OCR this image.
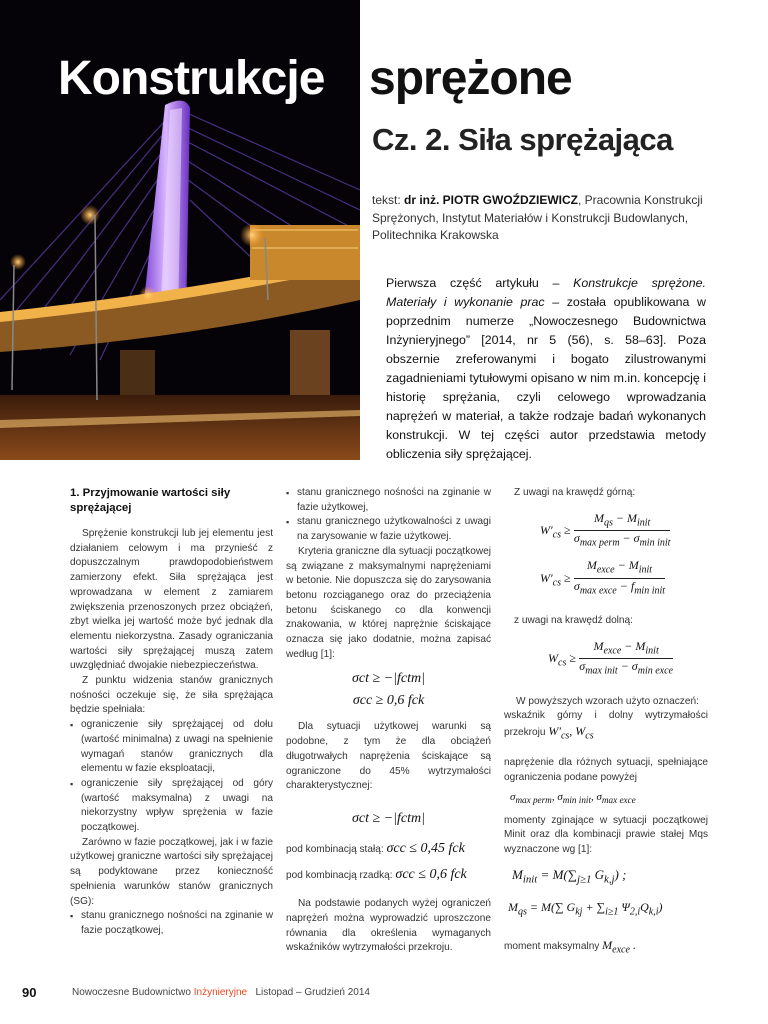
Konstrukcje sprężone
Cz. 2. Siła sprężająca
tekst: dr inż. PIOTR GWOŹDZIEWICZ, Pracownia Konstrukcji Sprężonych, Instytut Materiałów i Konstrukcji Budowlanych, Politechnika Krakowska
Pierwsza część artykułu – Konstrukcje sprężone. Materiały i wykonanie prac – została opublikowana w poprzednim numerze „Nowoczesnego Budownictwa Inżynieryjnego” [2014, nr 5 (56), s. 58–63]. Poza obszernie zreferowanymi i bogato zilustrowanymi zagadnieniami tytułowymi opisano w nim m.in. koncepcję i historię sprężania, czyli celowego wprowadzania naprężeń w materiał, a także rodzaje badań wykonanych konstrukcji. W tej części autor przedstawia metody obliczenia siły sprężającej.
1. Przyjmowanie wartości siły sprężającej

Sprężenie konstrukcji lub jej elementu jest działaniem celowym i ma przynieść z dopuszczalnym prawdopodobieństwem zamierzony efekt. Siła sprężająca jest wprowadzana w element z zamiarem zwiększenia przenoszonych przez obciążeń, zbyt wielka jej wartość może być jednak dla elementu niekorzystna. Zasady ograniczania wartości siły sprężającej muszą zatem uwzględniać dwojakie niebezpieczeństwa.

Z punktu widzenia stanów granicznych nośności oczekuje się, że siła sprężająca będzie spełniała:

▪ ograniczenie siły sprężającej od dołu (wartość minimalna) z uwagi na spełnienie wymagań stanów granicznych dla elementu w fazie eksploatacji,
▪ ograniczenie siły sprężającej od góry (wartość maksymalna) z uwagi na niekorzystny wpływ sprężenia w fazie początkowej.

Zarówno w fazie początkowej, jak i w fazie użytkowej graniczne wartości siły sprężającej są podyktowane przez konieczność spełnienia warunków stanów granicznych (SG):

▪ stanu granicznego nośności na zginanie w fazie początkowej,
▪ stanu granicznego nośności na zginanie w fazie użytkowej,
▪ stanu granicznego użytkowalności z uwagi na zarysowanie w fazie użytkowej.

Kryteria graniczne dla sytuacji początkowej są związane z maksymalnymi naprężeniami w betonie. Nie dopuszcza się do zarysowania betonu rozciąganego oraz do przeciążenia betonu ściskanego co dla konwencji znakowania, w której naprężnie ściskające oznacza się jako dodatnie, można zapisać według [1]:

σct ≥ −|fctm|
σcc ≥ 0,6 fck

Dla sytuacji użytkowej warunki są podobne, z tym że dla obciążeń długotrwałych naprężenia ściskające są ograniczone do 45% wytrzymałości charakterystycznej:

σct ≥ −|fctm|
pod kombinacją stałą: σcc ≤ 0,45 fck
pod kombinacją rzadką: σcc ≤ 0,6 fck

Na podstawie podanych wyżej ograniczeń naprężeń można wyprowadzić uproszczone równania dla określenia wymaganych wskaźników wytrzymałości przekroju.

Z uwagi na krawędź górną:

$W'_{cs}$ ≥
$M_{qs} - M_{init}$
$\sigma_{max perm} - \sigma_{min init}$
$W'_{cs}$ ≥
$M_{exce} - M_{init}$
$\sigma_{max exce} - f_{min init}$

z uwagi na krawędź dolną:

$W_{cs}$ ≥
$M_{exce} - M_{init}$
$\sigma_{max init} - \sigma_{min exce}$

W powyższych wzorach użyto oznaczeń:

wskaźnik górny i dolny wytrzymałości przekroju $W'_{cs}$, $W_{cs}$

naprężenie dla różnych sytuacji, spełniające ograniczenia podane powyżej

$\sigma_{max perm}$, $\sigma_{min init}$, $\sigma_{max exce}$

momenty zginające w sytuacji początkowej Minit oraz dla kombinacji prawie stałej Mqs wyznaczone wg [1]:

$M_{init} = M(\sum_{j\ge 1}$ $G_{k,j}$) ;
$M_{qs} = M(\sum$ $G_{kj} + \sum_{i\ge 1}$ $\Psi_{2,i}Q_{k,i}$)

moment maksymalny $M_{exce}$ .

90	Nowoczesne Budownictwo Inżynieryjne Listopad – Grudzień 2014
